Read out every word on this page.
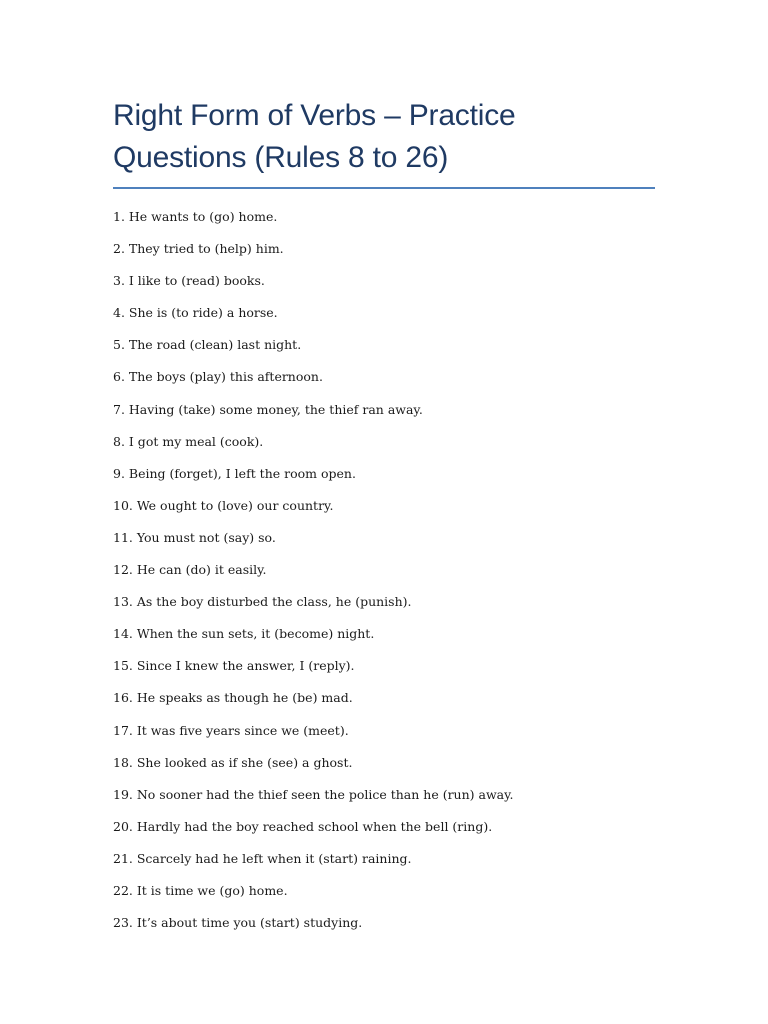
Right Form of Verbs – Practice Questions (Rules 8 to 26)
1. He wants to (go) home.
2. They tried to (help) him.
3. I like to (read) books.
4. She is (to ride) a horse.
5. The road (clean) last night.
6. The boys (play) this afternoon.
7. Having (take) some money, the thief ran away.
8. I got my meal (cook).
9. Being (forget), I left the room open.
10. We ought to (love) our country.
11. You must not (say) so.
12. He can (do) it easily.
13. As the boy disturbed the class, he (punish).
14. When the sun sets, it (become) night.
15. Since I knew the answer, I (reply).
16. He speaks as though he (be) mad.
17. It was five years since we (meet).
18. She looked as if she (see) a ghost.
19. No sooner had the thief seen the police than he (run) away.
20. Hardly had the boy reached school when the bell (ring).
21. Scarcely had he left when it (start) raining.
22. It is time we (go) home.
23. It’s about time you (start) studying.
